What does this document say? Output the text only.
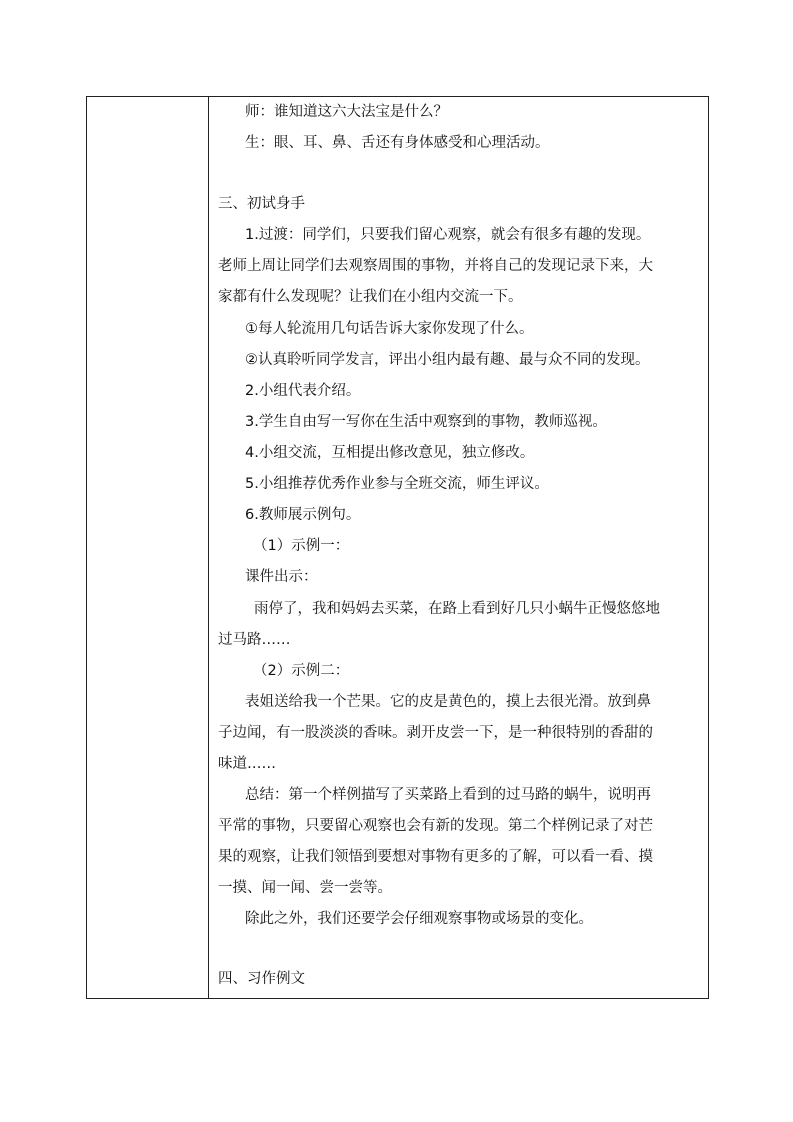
师：谁知道这六大法宝是什么？
生：眼、耳、鼻、舌还有身体感受和心理活动。
三、初试身手
1.过渡：同学们，只要我们留心观察，就会有很多有趣的发现。
老师上周让同学们去观察周围的事物，并将自己的发现记录下来，大
家都有什么发现呢？让我们在小组内交流一下。
①每人轮流用几句话告诉大家你发现了什么。
②认真聆听同学发言，评出小组内最有趣、最与众不同的发现。
2.小组代表介绍。
3.学生自由写一写你在生活中观察到的事物，教师巡视。
4.小组交流，互相提出修改意见，独立修改。
5.小组推荐优秀作业参与全班交流，师生评议。
6.教师展示例句。
（1）示例一：
课件出示：
雨停了，我和妈妈去买菜，在路上看到好几只小蜗牛正慢悠悠地
过马路……
（2）示例二：
表姐送给我一个芒果。它的皮是黄色的，摸上去很光滑。放到鼻
子边闻，有一股淡淡的香味。剥开皮尝一下，是一种很特别的香甜的
味道……
总结：第一个样例描写了买菜路上看到的过马路的蜗牛，说明再
平常的事物，只要留心观察也会有新的发现。第二个样例记录了对芒
果的观察，让我们领悟到要想对事物有更多的了解，可以看一看、摸
一摸、闻一闻、尝一尝等。
除此之外，我们还要学会仔细观察事物或场景的变化。
四、习作例文
